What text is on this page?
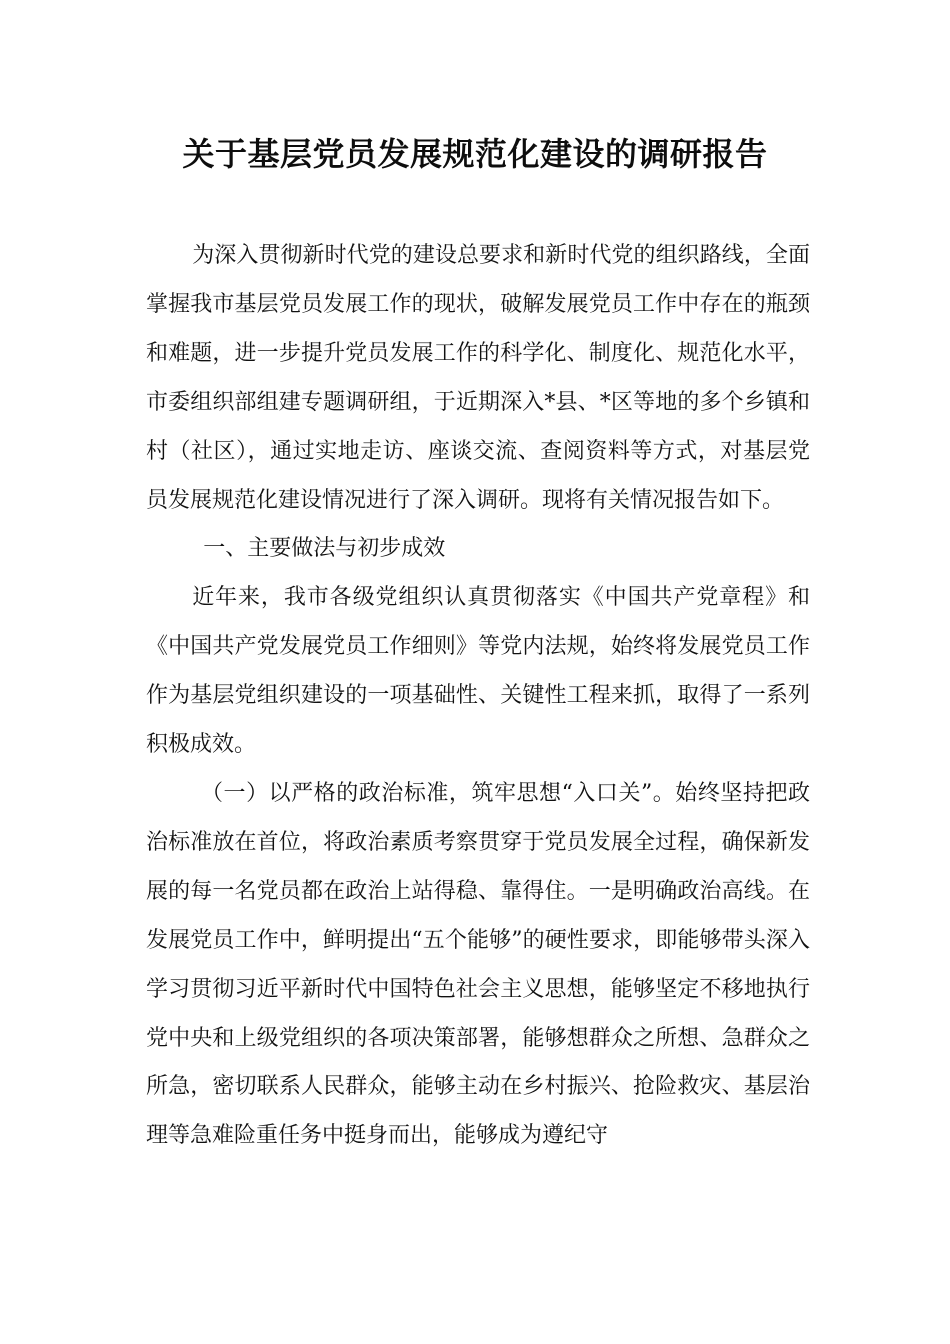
关于基层党员发展规范化建设的调研报告

为深入贯彻新时代党的建设总要求和新时代党的组织路线，全面掌握我市基层党员发展工作的现状，破解发展党员工作中存在的瓶颈和难题，进一步提升党员发展工作的科学化、制度化、规范化水平，市委组织部组建专题调研组，于近期深入*县、*区等地的多个乡镇和村（社区），通过实地走访、座谈交流、查阅资料等方式，对基层党员发展规范化建设情况进行了深入调研。现将有关情况报告如下。

一、主要做法与初步成效

近年来，我市各级党组织认真贯彻落实《中国共产党章程》和《中国共产党发展党员工作细则》等党内法规，始终将发展党员工作作为基层党组织建设的一项基础性、关键性工程来抓，取得了一系列积极成效。

（一）以严格的政治标准，筑牢思想“入口关”。始终坚持把政治标准放在首位，将政治素质考察贯穿于党员发展全过程，确保新发展的每一名党员都在政治上站得稳、靠得住。一是明确政治高线。在发展党员工作中，鲜明提出“五个能够”的硬性要求，即能够带头深入学习贯彻习近平新时代中国特色社会主义思想，能够坚定不移地执行党中央和上级党组织的各项决策部署，能够想群众之所想、急群众之所急，密切联系人民群众，能够主动在乡村振兴、抢险救灾、基层治理等急难险重任务中挺身而出，能够成为遵纪守
